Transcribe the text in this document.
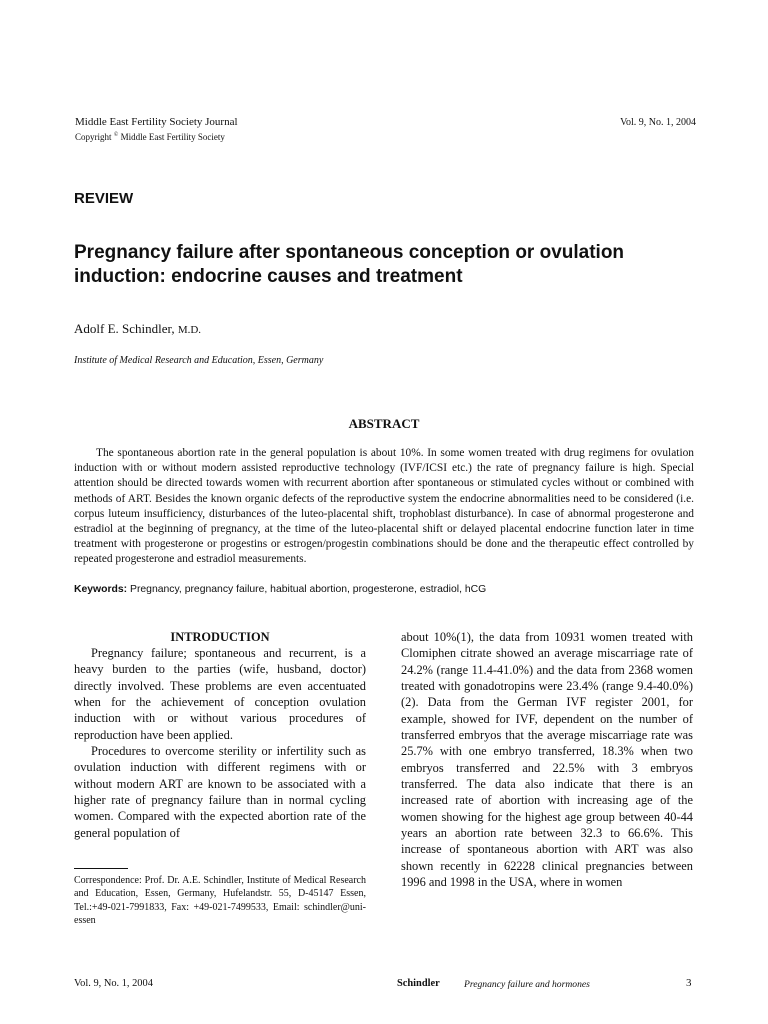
Middle East Fertility Society Journal
Copyright © Middle East Fertility Society
Vol. 9, No. 1, 2004
REVIEW
Pregnancy failure after spontaneous conception or ovulation induction: endocrine causes and treatment
Adolf E. Schindler, M.D.
Institute of Medical Research and Education, Essen, Germany
ABSTRACT

The spontaneous abortion rate in the general population is about 10%. In some women treated with drug regimens for ovulation induction with or without modern assisted reproductive technology (IVF/ICSI etc.) the rate of pregnancy failure is high. Special attention should be directed towards women with recurrent abortion after spontaneous or stimulated cycles without or combined with methods of ART. Besides the known organic defects of the reproductive system the endocrine abnormalities need to be considered (i.e. corpus luteum insufficiency, disturbances of the luteo-placental shift, trophoblast disturbance). In case of abnormal progesterone and estradiol at the beginning of pregnancy, at the time of the luteo-placental shift or delayed placental endocrine function later in time treatment with progesterone or progestins or estrogen/progestin combinations should be done and the therapeutic effect controlled by repeated progesterone and estradiol measurements.

Keywords: Pregnancy, pregnancy failure, habitual abortion, progesterone, estradiol, hCG

INTRODUCTION

Pregnancy failure; spontaneous and recurrent, is a heavy burden to the parties (wife, husband, doctor) directly involved. These problems are even accentuated when for the achievement of conception ovulation induction with or without various procedures of reproduction have been applied.

Procedures to overcome sterility or infertility such as ovulation induction with different regimens with or without modern ART are known to be associated with a higher rate of pregnancy failure than in normal cycling women. Compared with the expected abortion rate of the general population of

Correspondence: Prof. Dr. A.E. Schindler, Institute of Medical Research and Education, Essen, Germany, Hufelandstr. 55, D-45147 Essen, Tel.:+49-021-7991833, Fax: +49-021-7499533, Email: schindler@uni-essen

about 10%(1), the data from 10931 women treated with Clomiphen citrate showed an average miscarriage rate of 24.2% (range 11.4-41.0%) and the data from 2368 women treated with gonadotropins were 23.4% (range 9.4-40.0%)(2). Data from the German IVF register 2001, for example, showed for IVF, dependent on the number of transferred embryos that the average miscarriage rate was 25.7% with one embryo transferred, 18.3% when two embryos transferred and 22.5% with 3 embryos transferred. The data also indicate that there is an increased rate of abortion with increasing age of the women showing for the highest age group between 40-44 years an abortion rate between 32.3 to 66.6%. This increase of spontaneous abortion with ART was also shown recently in 62228 clinical pregnancies between 1996 and 1998 in the USA, where in women

Vol. 9, No. 1, 2004	Schindler	Pregnancy failure and hormones	3
